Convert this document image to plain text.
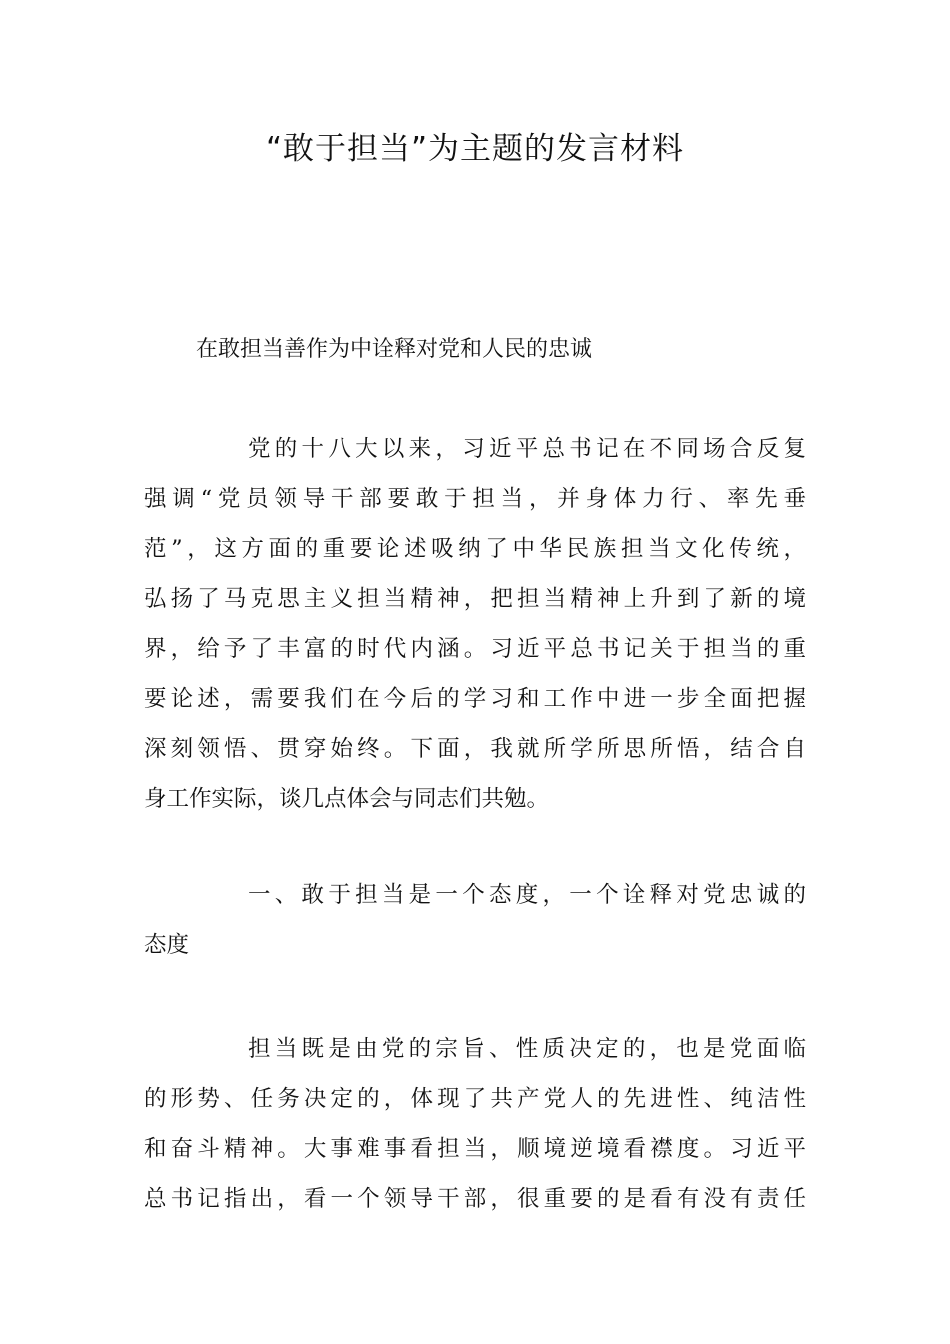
“敢于担当”为主题的发言材料

在敢担当善作为中诠释对党和人民的忠诚

党的十八大以来，习近平总书记在不同场合反复
强调“党员领导干部要敢于担当，并身体力行、率先垂
范”，这方面的重要论述吸纳了中华民族担当文化传统，
弘扬了马克思主义担当精神，把担当精神上升到了新的境
界，给予了丰富的时代内涵。习近平总书记关于担当的重
要论述，需要我们在今后的学习和工作中进一步全面把握
深刻领悟、贯穿始终。下面，我就所学所思所悟，结合自
身工作实际，谈几点体会与同志们共勉。
一、敢于担当是一个态度，一个诠释对党忠诚的
态度
担当既是由党的宗旨、性质决定的，也是党面临
的形势、任务决定的，体现了共产党人的先进性、纯洁性
和奋斗精神。大事难事看担当，顺境逆境看襟度。习近平
总书记指出，看一个领导干部，很重要的是看有没有责任
